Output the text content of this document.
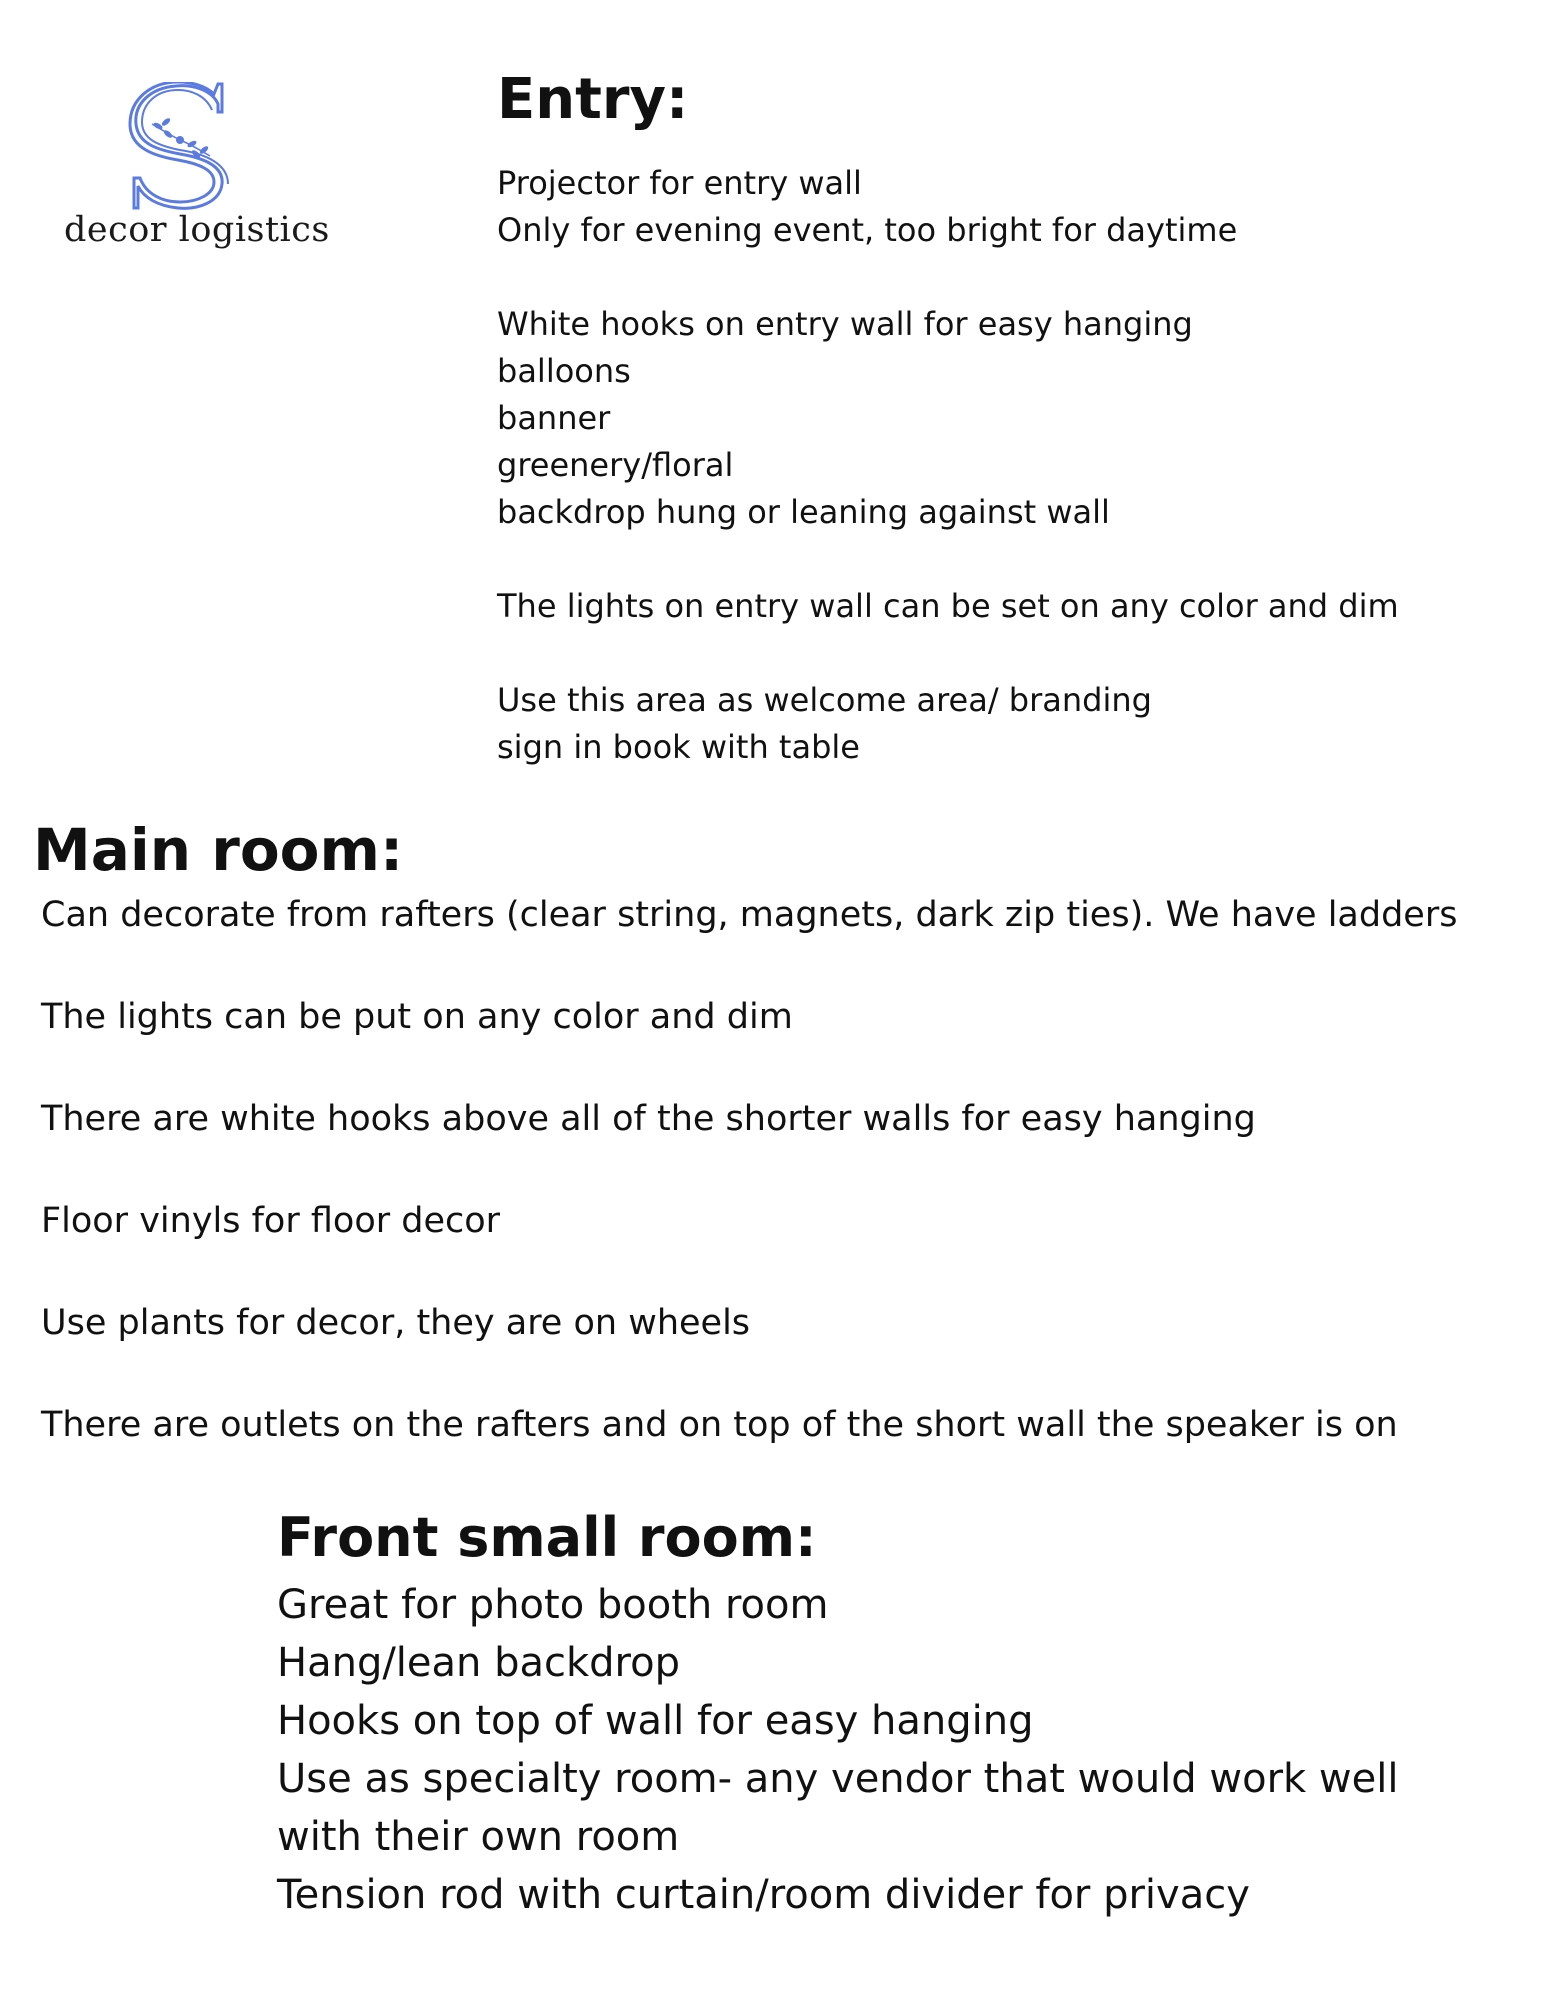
decor logistics
Entry:
Projector for entry wall
Only for evening event, too bright for daytime
White hooks on entry wall for easy hanging
balloons
banner
greenery/floral
backdrop hung or leaning against wall
The lights on entry wall can be set on any color and dim
Use this area as welcome area/ branding
sign in book with table
Main room:
Can decorate from rafters (clear string, magnets, dark zip ties). We have ladders
The lights can be put on any color and dim
There are white hooks above all of the shorter walls for easy hanging
Floor vinyls for floor decor
Use plants for decor, they are on wheels
There are outlets on the rafters and on top of the short wall the speaker is on
Front small room:
Great for photo booth room
Hang/lean backdrop
Hooks on top of wall for easy hanging
Use as specialty room- any vendor that would work well
with their own room
Tension rod with curtain/room divider for privacy
